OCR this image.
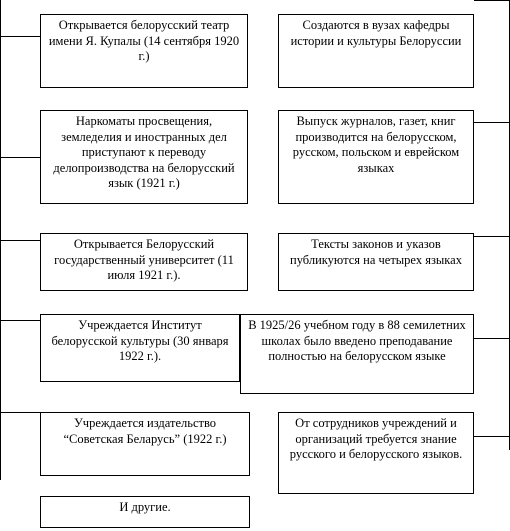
Открывается белорусский театр имени Я. Купалы (14 сентября 1920 г.)
Наркоматы просвещения, земледелия и иностранных дел приступают к переводу делопроизводства на белорусский язык (1921 г.)
Открывается Белорусский государственный университет (11 июля 1921 г.).
Учреждается Институт белорусской культуры (30 января 1922 г.).
Учреждается издательство “Советская Беларусь” (1922 г.)
И другие.
Создаются в вузах кафедры истории и культуры Белоруссии
Выпуск журналов, газет, книг производится на белорусском, русском, польском и еврейском языках
Тексты законов и указов публикуются на четырех языках
В 1925/26 учебном году в 88 семилетних школах было введено преподавание полностью на белорусском языке
От сотрудников учреждений и организаций требуется знание русского и белорусского языков.
